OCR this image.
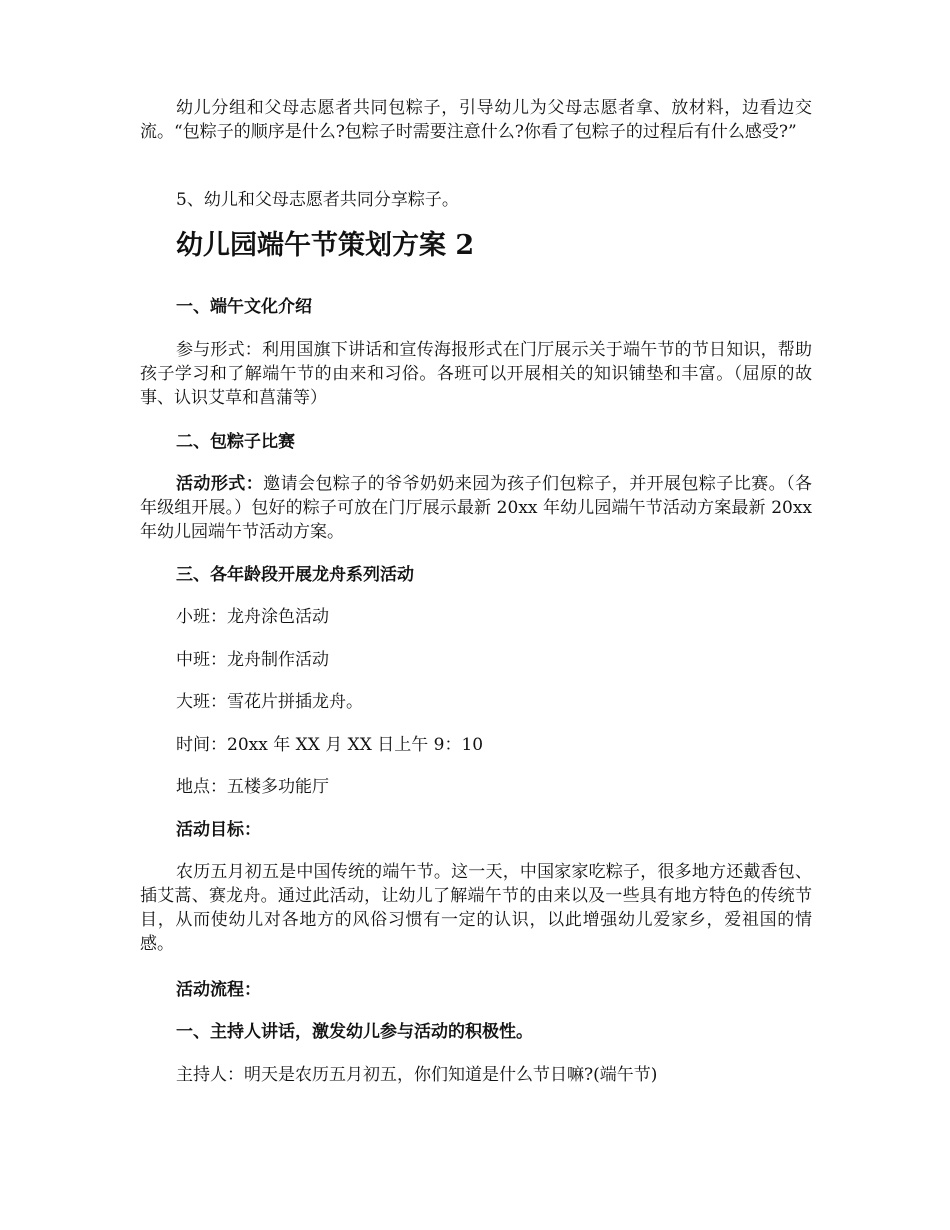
幼儿分组和父母志愿者共同包粽子，引导幼儿为父母志愿者拿、放材料，边看边交流。“包粽子的顺序是什么?包粽子时需要注意什么?你看了包粽子的过程后有什么感受?”

5、幼儿和父母志愿者共同分享粽子。

幼儿园端午节策划方案 2

一、端午文化介绍

参与形式：利用国旗下讲话和宣传海报形式在门厅展示关于端午节的节日知识，帮助孩子学习和了解端午节的由来和习俗。各班可以开展相关的知识铺垫和丰富。（屈原的故事、认识艾草和菖蒲等）

二、包粽子比赛

活动形式：邀请会包粽子的爷爷奶奶来园为孩子们包粽子，并开展包粽子比赛。（各年级组开展。）包好的粽子可放在门厅展示最新 20xx 年幼儿园端午节活动方案最新 20xx 年幼儿园端午节活动方案。

三、各年龄段开展龙舟系列活动

小班：龙舟涂色活动

中班：龙舟制作活动

大班：雪花片拼插龙舟。

时间：20xx 年 XX 月 XX 日上午 9：10

地点：五楼多功能厅

活动目标：

农历五月初五是中国传统的端午节。这一天，中国家家吃粽子，很多地方还戴香包、插艾蒿、赛龙舟。通过此活动，让幼儿了解端午节的由来以及一些具有地方特色的传统节目，从而使幼儿对各地方的风俗习惯有一定的认识，以此增强幼儿爱家乡，爱祖国的情感。

活动流程：

一、主持人讲话，激发幼儿参与活动的积极性。

主持人：明天是农历五月初五，你们知道是什么节日嘛?(端午节)
